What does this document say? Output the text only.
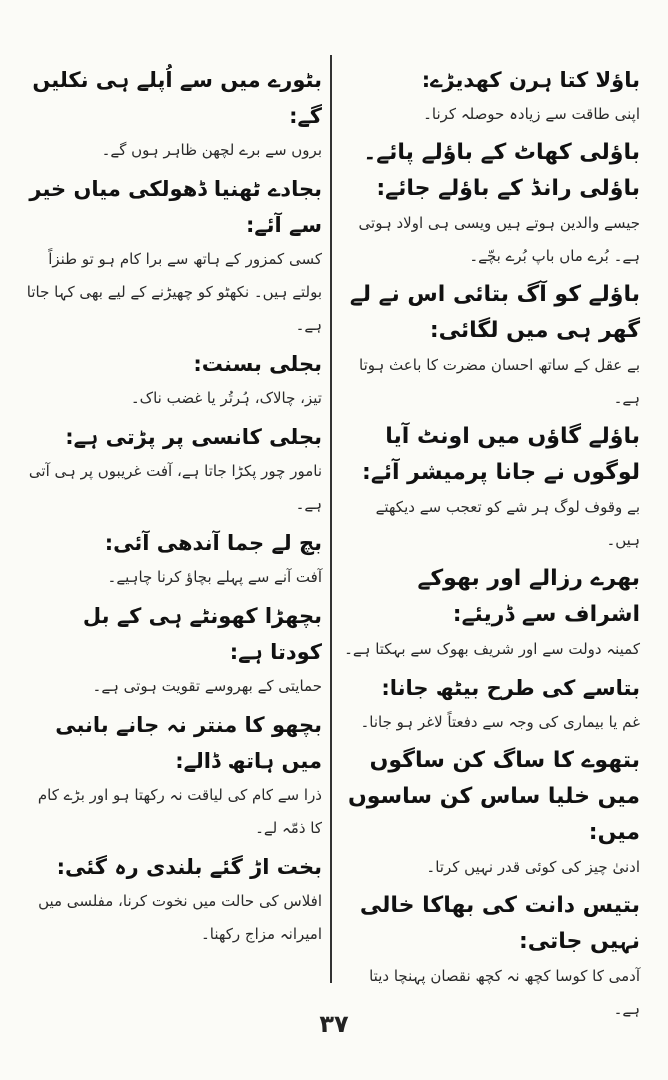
باؤلا کتا ہرن کھدیڑے:

اپنی طاقت سے زیادہ حوصلہ کرنا۔

باؤلی کھاٹ کے باؤلے پائے۔ باؤلی رانڈ کے باؤلے جائے:

جیسے والدین ہوتے ہیں ویسی ہی اولاد ہوتی ہے۔ بُرے ماں باپ بُرے بچّے۔

باؤلے کو آگ بتائی اس نے لے گھر ہی میں لگائی:

بے عقل کے ساتھ احسان مضرت کا باعث ہوتا ہے۔

باؤلے گاؤں میں اونٹ آیا لوگوں نے جانا پرمیشر آئے:

بے وقوف لوگ ہر شے کو تعجب سے دیکھتے ہیں۔

بھرے رزالے اور بھوکے اشراف سے ڈریئے:

کمینہ دولت سے اور شریف بھوک سے بہکتا ہے۔

بتاسے کی طرح بیٹھ جانا:

غم یا بیماری کی وجہ سے دفعتاً لاغر ہو جانا۔

بتھوے کا ساگ کن ساگوں میں خلیا ساس کن ساسوں میں:

ادنیٰ چیز کی کوئی قدر نہیں کرتا۔

بتیس دانت کی بھاکا خالی نہیں جاتی:

آدمی کا کوسا کچھ نہ کچھ نقصان پہنچا دیتا ہے۔

بٹورے میں سے اُپلے ہی نکلیں گے:

بروں سے برے لچھن ظاہر ہوں گے۔

بجادے ٹھنیا ڈھولکی میاں خیر سے آئے:

کسی کمزور کے ہاتھ سے برا کام ہو تو طنزاً بولتے ہیں۔ نکھٹو کو چھیڑنے کے لیے بھی کہا جاتا ہے۔

بجلی بسنت:

تیز، چالاک، ہُرتُر یا غضب ناک۔

بجلی کانسی پر پڑتی ہے:

نامور چور پکڑا جاتا ہے، آفت غریبوں پر ہی آتی ہے۔

بچ لے جما آندھی آئی:

آفت آنے سے پہلے بچاؤ کرنا چاہیے۔

بچھڑا کھونٹے ہی کے بل کودتا ہے:

حمایتی کے بھروسے تقویت ہوتی ہے۔

بچھو کا منتر نہ جانے بانبی میں ہاتھ ڈالے:

ذرا سے کام کی لیاقت نہ رکھتا ہو اور بڑے کام کا ذمّہ لے۔

بخت اڑ گئے بلندی رہ گئی:

افلاس کی حالت میں نخوت کرنا، مفلسی میں امیرانہ مزاج رکھنا۔

۳۷
